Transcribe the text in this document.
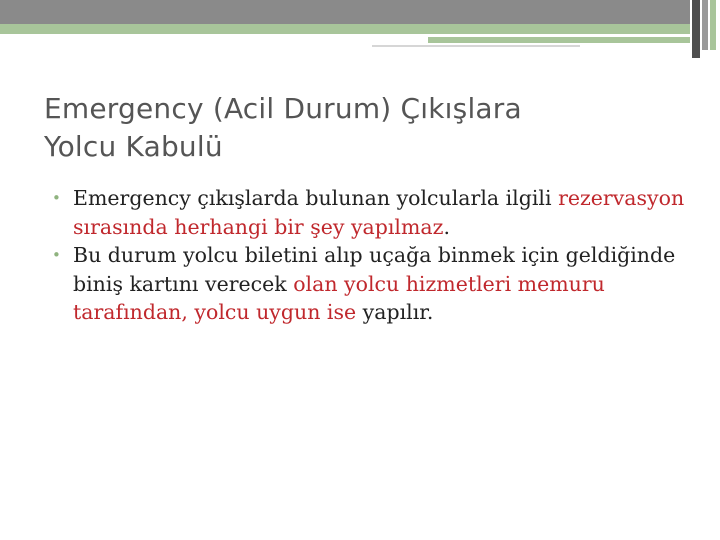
Emergency (Acil Durum) Çıkışlara
Yolcu Kabulü
• Emergency çıkışlarda bulunan yolcularla ilgili rezervasyon sırasında herhangi bir şey yapılmaz.
• Bu durum yolcu biletini alıp uçağa binmek için geldiğinde biniş kartını verecek olan yolcu hizmetleri memuru tarafından, yolcu uygun ise yapılır.
